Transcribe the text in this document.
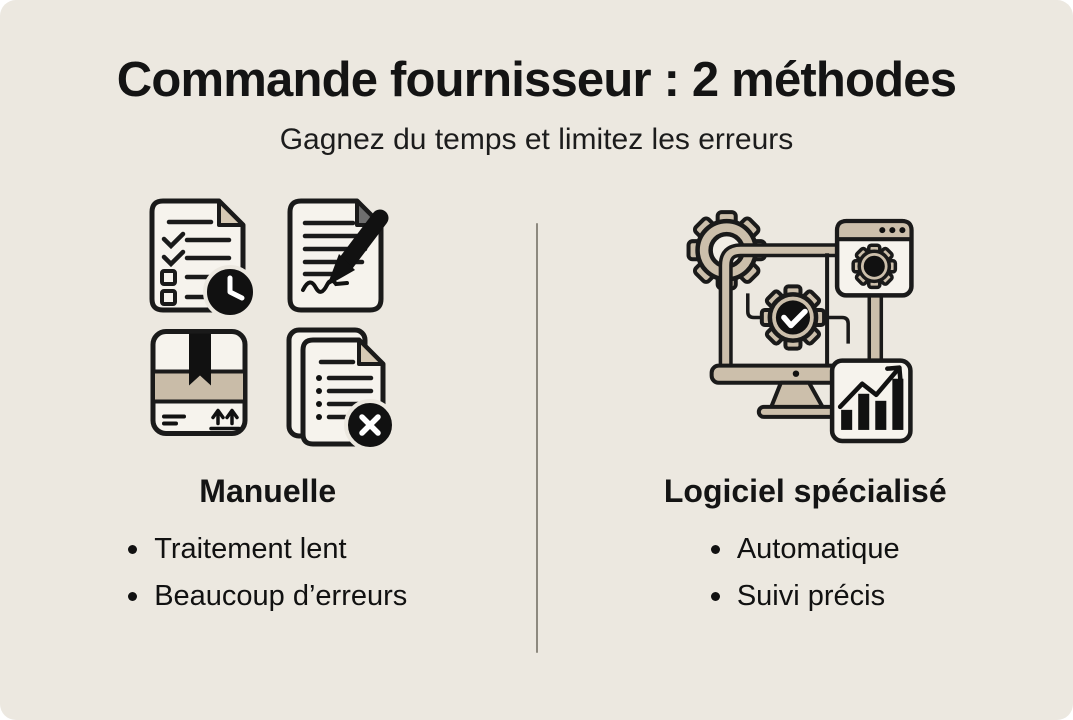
Commande fournisseur : 2 méthodes

Gagnez du temps et limitez les erreurs

Manuelle
Traitement lent
Beaucoup d’erreurs
Logiciel spécialisé
Automatique
Suivi précis
